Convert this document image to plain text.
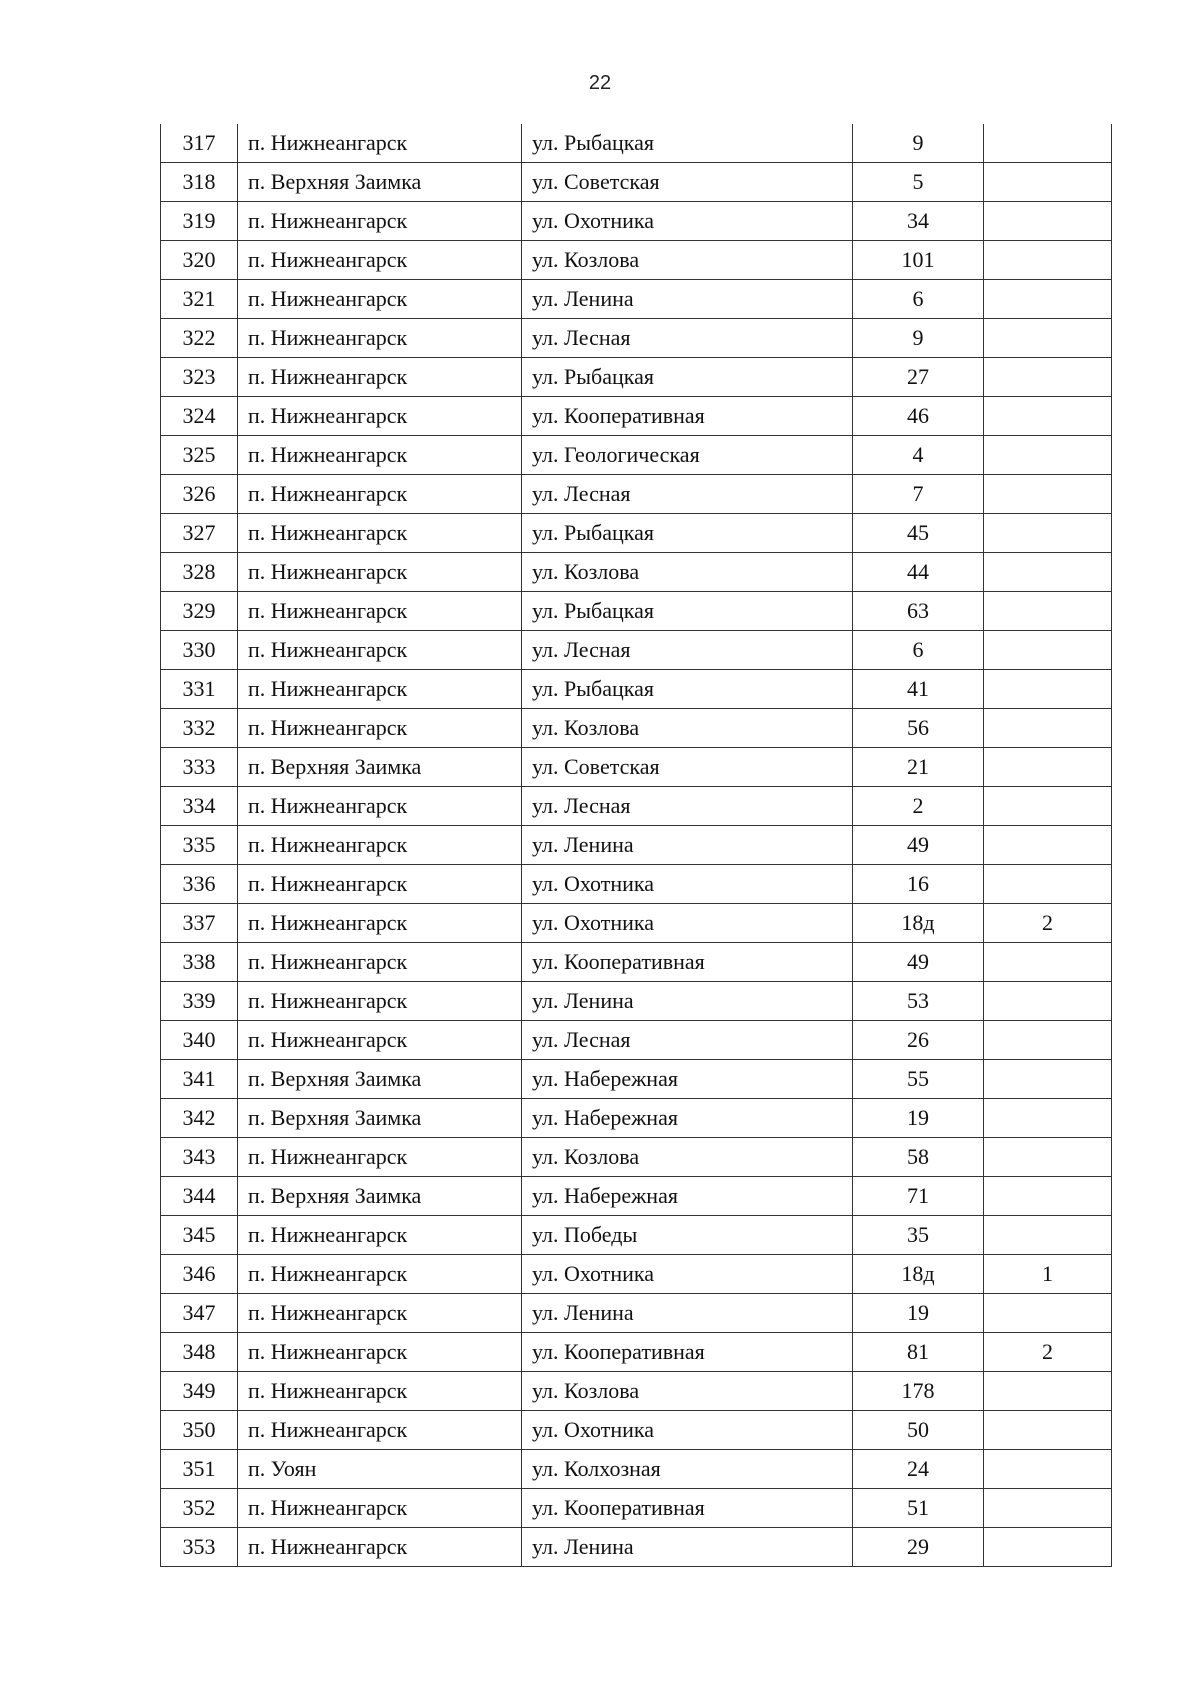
22
317	п. Нижнеангарск	ул. Рыбацкая	9	
318	п. Верхняя Заимка	ул. Советская	5	
319	п. Нижнеангарск	ул. Охотника	34	
320	п. Нижнеангарск	ул. Козлова	101	
321	п. Нижнеангарск	ул. Ленина	6	
322	п. Нижнеангарск	ул. Лесная	9	
323	п. Нижнеангарск	ул. Рыбацкая	27	
324	п. Нижнеангарск	ул. Кооперативная	46	
325	п. Нижнеангарск	ул. Геологическая	4	
326	п. Нижнеангарск	ул. Лесная	7	
327	п. Нижнеангарск	ул. Рыбацкая	45	
328	п. Нижнеангарск	ул. Козлова	44	
329	п. Нижнеангарск	ул. Рыбацкая	63	
330	п. Нижнеангарск	ул. Лесная	6	
331	п. Нижнеангарск	ул. Рыбацкая	41	
332	п. Нижнеангарск	ул. Козлова	56	
333	п. Верхняя Заимка	ул. Советская	21	
334	п. Нижнеангарск	ул. Лесная	2	
335	п. Нижнеангарск	ул. Ленина	49	
336	п. Нижнеангарск	ул. Охотника	16	
337	п. Нижнеангарск	ул. Охотника	18д	2
338	п. Нижнеангарск	ул. Кооперативная	49	
339	п. Нижнеангарск	ул. Ленина	53	
340	п. Нижнеангарск	ул. Лесная	26	
341	п. Верхняя Заимка	ул. Набережная	55	
342	п. Верхняя Заимка	ул. Набережная	19	
343	п. Нижнеангарск	ул. Козлова	58	
344	п. Верхняя Заимка	ул. Набережная	71	
345	п. Нижнеангарск	ул. Победы	35	
346	п. Нижнеангарск	ул. Охотника	18д	1
347	п. Нижнеангарск	ул. Ленина	19	
348	п. Нижнеангарск	ул. Кооперативная	81	2
349	п. Нижнеангарск	ул. Козлова	178	
350	п. Нижнеангарск	ул. Охотника	50	
351	п. Уоян	ул. Колхозная	24	
352	п. Нижнеангарск	ул. Кооперативная	51	
353	п. Нижнеангарск	ул. Ленина	29	
